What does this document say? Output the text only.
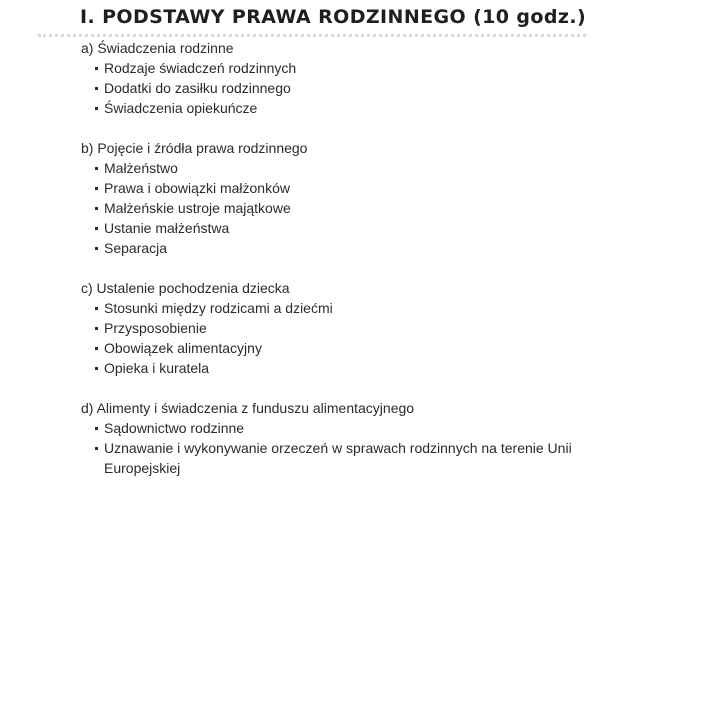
I. PODSTAWY PRAWA RODZINNEGO (10 godz.)
a) Świadczenia rodzinne
Rodzaje świadczeń rodzinnych
Dodatki do zasiłku rodzinnego
Świadczenia opiekuńcze
b) Pojęcie i źródła prawa rodzinnego
Małżeństwo
Prawa i obowiązki małżonków
Małżeńskie ustroje majątkowe
Ustanie małżeństwa
Separacja
c) Ustalenie pochodzenia dziecka
Stosunki między rodzicami a dziećmi
Przysposobienie
Obowiązek alimentacyjny
Opieka i kuratela
d) Alimenty i świadczenia z funduszu alimentacyjnego
Sądownictwo rodzinne
Uznawanie i wykonywanie orzeczeń w sprawach rodzinnych na terenie Unii Europejskiej
